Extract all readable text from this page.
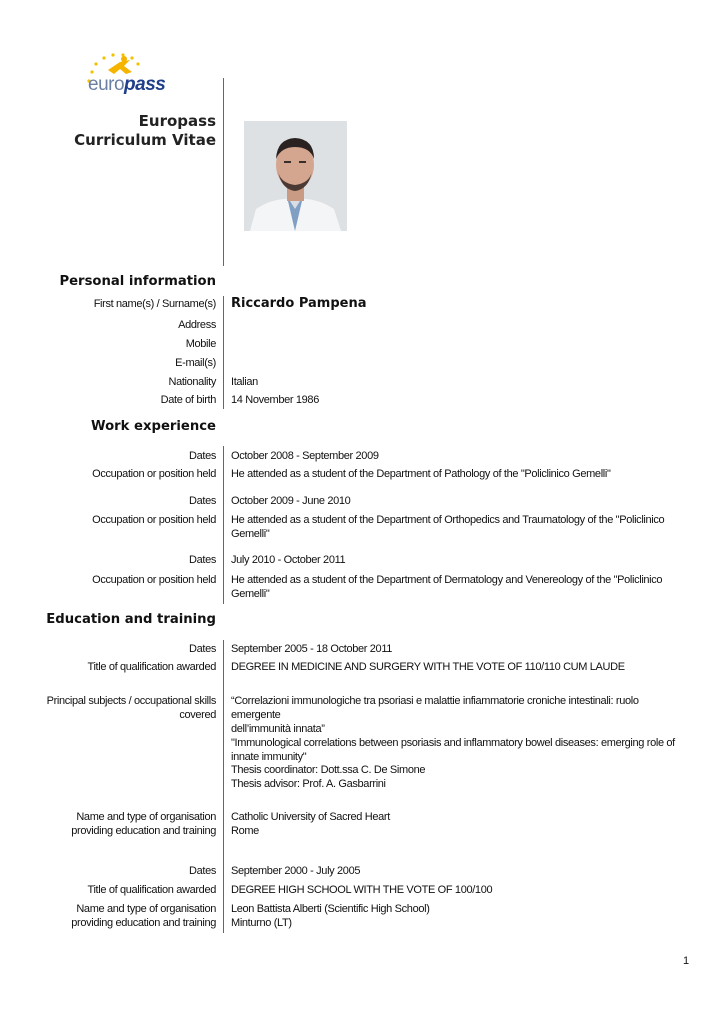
europass
Europass
Curriculum Vitae
Personal information
First name(s) / Surname(s) Riccardo Pampena
Address
Mobile
E-mail(s)
Nationality Italian
Date of birth 14 November 1986
Work experience
Dates October 2008 - September 2009
Occupation or position held He attended as a student of the Department of Pathology of the "Policlinico Gemelli"
Dates October 2009 - June 2010
Occupation or position held He attended as a student of the Department of Orthopedics and Traumatology of the "Policlinico
Gemelli"
Dates July 2010 - October 2011
Occupation or position held He attended as a student of the Department of Dermatology and Venereology of the "Policlinico
Gemelli"
Education and training
Dates September 2005 - 18 October 2011
Title of qualification awarded DEGREE IN MEDICINE AND SURGERY WITH THE VOTE OF 110/110 CUM LAUDE
Principal subjects / occupational skills
covered
“Correlazioni immunologiche tra psoriasi e malattie infiammatorie croniche intestinali: ruolo emergente
dell’immunità innata”
"Immunological correlations between psoriasis and inflammatory bowel diseases: emerging role of
innate immunity"
Thesis coordinator: Dott.ssa C. De Simone
Thesis advisor: Prof. A. Gasbarrini
Name and type of organisation
providing education and training
Catholic University of Sacred Heart
Rome
Dates September 2000 - July 2005
Title of qualification awarded DEGREE HIGH SCHOOL WITH THE VOTE OF 100/100
Name and type of organisation
providing education and training
Leon Battista Alberti (Scientific High School)
Minturno (LT)
1
